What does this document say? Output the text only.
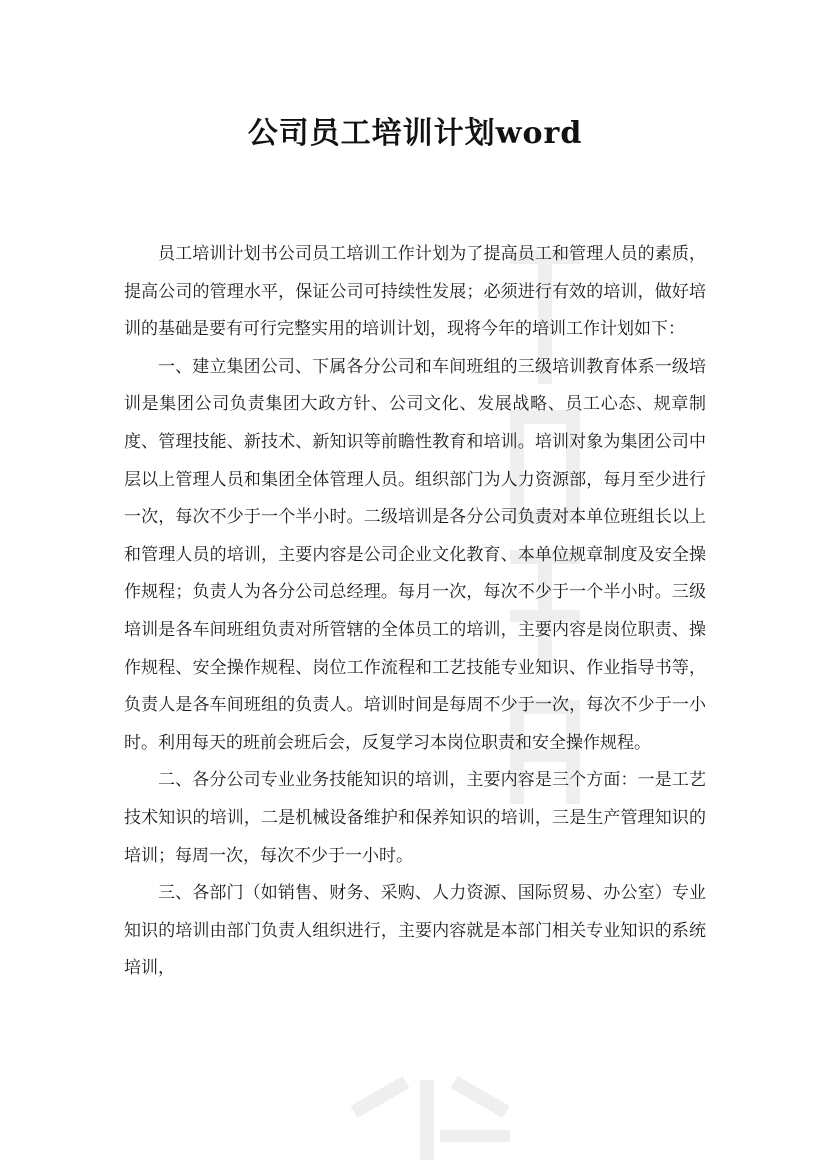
公司员工培训计划word

员工培训计划书公司员工培训工作计划为了提高员工和管理人员的素质，提高公司的管理水平，保证公司可持续性发展；必须进行有效的培训，做好培训的基础是要有可行完整实用的培训计划，现将今年的培训工作计划如下：

一、建立集团公司、下属各分公司和车间班组的三级培训教育体系一级培训是集团公司负责集团大政方针、公司文化、发展战略、员工心态、规章制度、管理技能、新技术、新知识等前瞻性教育和培训。培训对象为集团公司中层以上管理人员和集团全体管理人员。组织部门为人力资源部，每月至少进行一次，每次不少于一个半小时。二级培训是各分公司负责对本单位班组长以上和管理人员的培训，主要内容是公司企业文化教育、本单位规章制度及安全操作规程；负责人为各分公司总经理。每月一次，每次不少于一个半小时。三级培训是各车间班组负责对所管辖的全体员工的培训，主要内容是岗位职责、操作规程、安全操作规程、岗位工作流程和工艺技能专业知识、作业指导书等，负责人是各车间班组的负责人。培训时间是每周不少于一次，每次不少于一小时。利用每天的班前会班后会，反复学习本岗位职责和安全操作规程。

二、各分公司专业业务技能知识的培训，主要内容是三个方面：一是工艺技术知识的培训，二是机械设备维护和保养知识的培训，三是生产管理知识的培训；每周一次，每次不少于一小时。

三、各部门（如销售、财务、采购、人力资源、国际贸易、办公室）专业知识的培训由部门负责人组织进行，主要内容就是本部门相关专业知识的系统培训，
